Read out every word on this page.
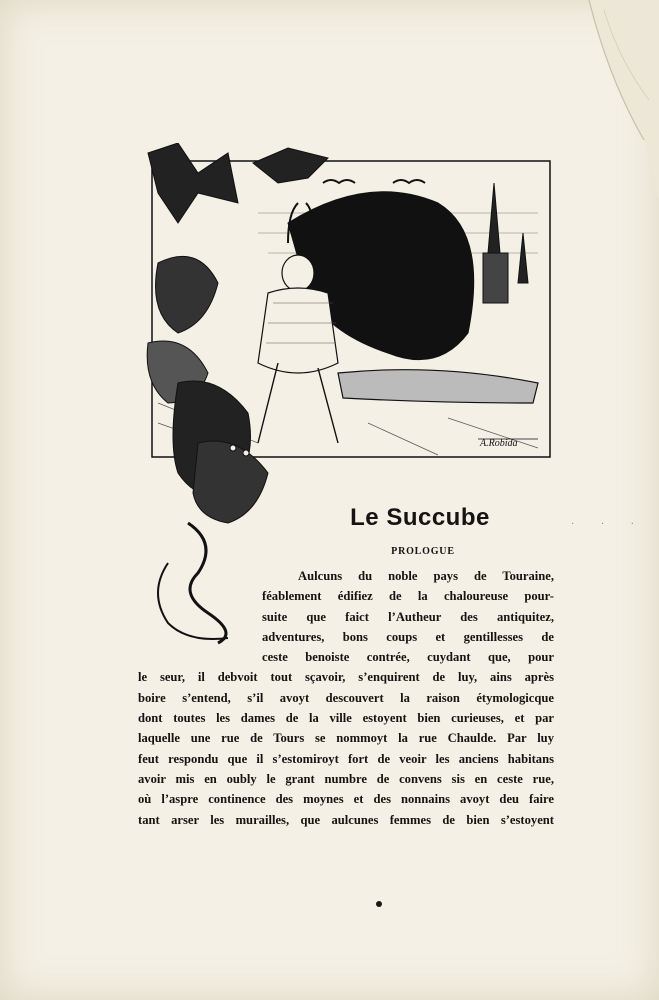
A.Robida
Le Succube
PROLOGUE
· · ·
Aulcuns du noble pays de Touraine,
féablement édifiez de la chaloureuse pour-
suite que faict l’Autheur des antiquitez,
adventures, bons coups et gentillesses de
ceste benoiste contrée, cuydant que, pour
le seur, il debvoit tout sçavoir, s’enquirent de luy, ains après
boire s’entend, s’il avoyt descouvert la raison étymologicque
dont toutes les dames de la ville estoyent bien curieuses, et par
laquelle une rue de Tours se nommoyt la rue Chaulde. Par luy
feut respondu que il s’estomiroyt fort de veoir les anciens habitans
avoir mis en oubly le grant numbre de convens sis en ceste rue,
où l’aspre continence des moynes et des nonnains avoyt deu faire
tant arser les murailles, que aulcunes femmes de bien s’estoyent
